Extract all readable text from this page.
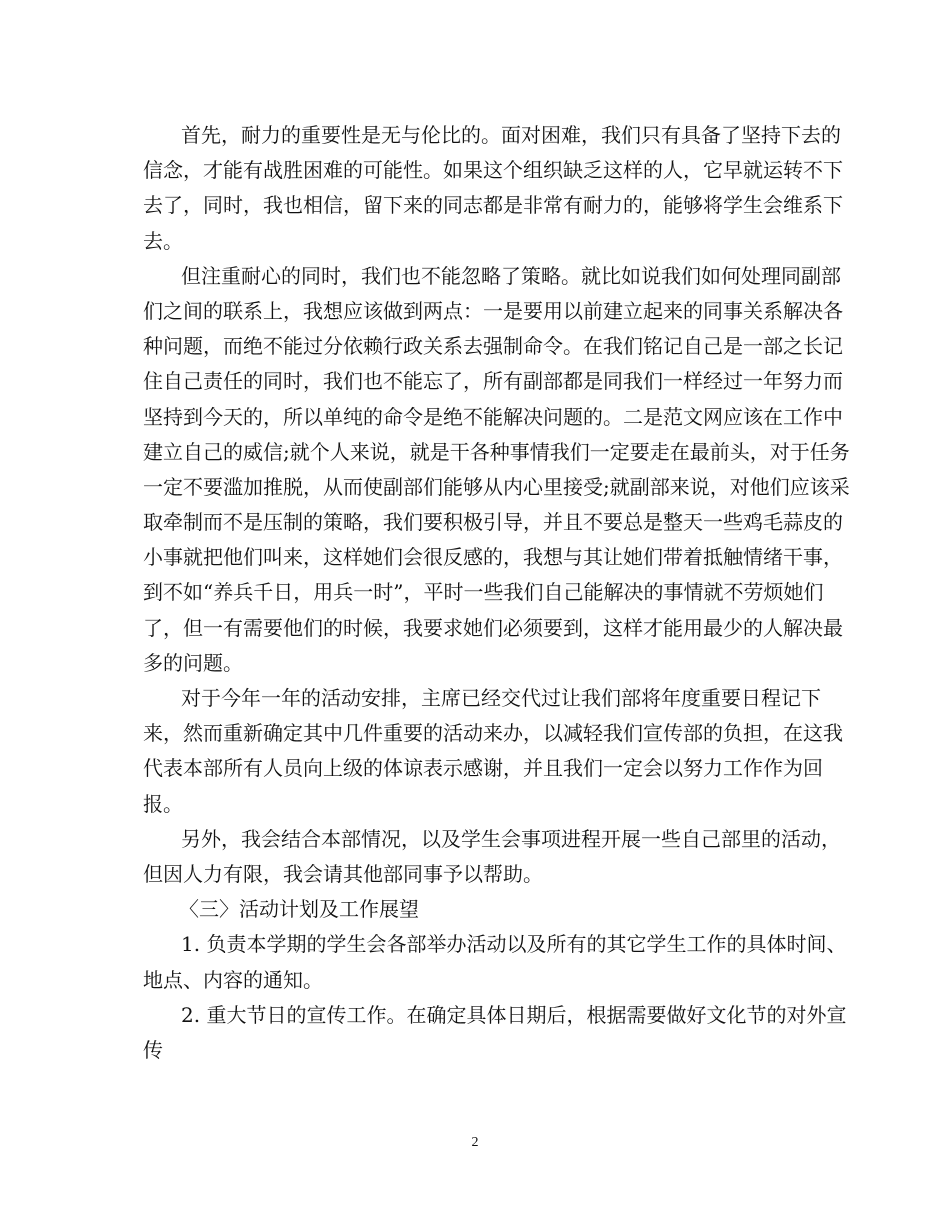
首先，耐力的重要性是无与伦比的。面对困难，我们只有具备了坚持下去的
信念，才能有战胜困难的可能性。如果这个组织缺乏这样的人，它早就运转不下
去了，同时，我也相信，留下来的同志都是非常有耐力的，能够将学生会维系下
去。
但注重耐心的同时，我们也不能忽略了策略。就比如说我们如何处理同副部
们之间的联系上，我想应该做到两点：一是要用以前建立起来的同事关系解决各
种问题，而绝不能过分依赖行政关系去强制命令。在我们铭记自己是一部之长记
住自己责任的同时，我们也不能忘了，所有副部都是同我们一样经过一年努力而
坚持到今天的，所以单纯的命令是绝不能解决问题的。二是范文网应该在工作中
建立自己的威信;就个人来说，就是干各种事情我们一定要走在最前头，对于任务
一定不要滥加推脱，从而使副部们能够从内心里接受;就副部来说，对他们应该采
取牵制而不是压制的策略，我们要积极引导，并且不要总是整天一些鸡毛蒜皮的
小事就把他们叫来，这样她们会很反感的，我想与其让她们带着抵触情绪干事，
到不如“养兵千日，用兵一时”，平时一些我们自己能解决的事情就不劳烦她们
了，但一有需要他们的时候，我要求她们必须要到，这样才能用最少的人解决最
多的问题。
对于今年一年的活动安排，主席已经交代过让我们部将年度重要日程记下
来，然而重新确定其中几件重要的活动来办，以减轻我们宣传部的负担，在这我
代表本部所有人员向上级的体谅表示感谢，并且我们一定会以努力工作作为回
报。
另外，我会结合本部情况，以及学生会事项进程开展一些自己部里的活动，
但因人力有限，我会请其他部同事予以帮助。
〈三〉活动计划及工作展望
1. 负责本学期的学生会各部举办活动以及所有的其它学生工作的具体时间、
地点、内容的通知。
2. 重大节日的宣传工作。在确定具体日期后，根据需要做好文化节的对外宣
传
2
